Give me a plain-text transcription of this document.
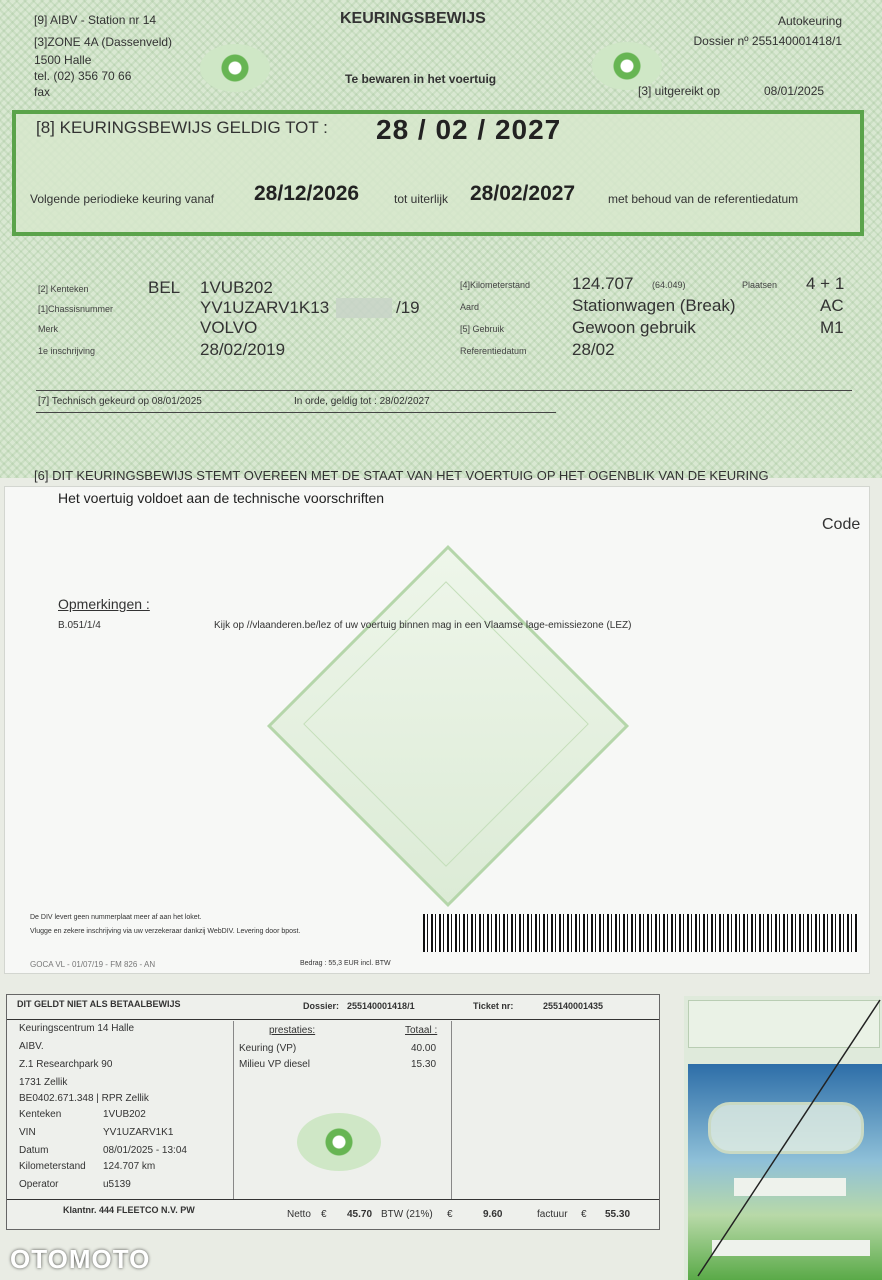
[9] AIBV - Station nr 14
[3]ZONE 4A (Dassenveld)
1500 Halle
tel. (02) 356 70 66
fax
KEURINGSBEWIJS
Te bewaren in het voertuig
Autokeuring
Dossier nº 255140001418/1
[3] uitgereikt op	08/01/2025
[8] KEURINGSBEWIJS GELDIG TOT : 28 / 02 / 2027
Volgende periodieke keuring vanaf 28/12/2026	tot uiterlijk 28/02/2027	met behoud van de referentiedatum
[2] Kenteken	BEL 1VUB202
[1]Chassisnummer	YV1UZARV1K13	/19
Merk	VOLVO
1e inschrijving	28/02/2019
[4]Kilometerstand 124.707 (64.049)	Plaatsen 4 + 1
Aard	Stationwagen (Break)	AC
[5] Gebruik	Gewoon gebruik	M1
Referentiedatum	28/02
[7] Technisch gekeurd op 08/01/2025	In orde, geldig tot : 28/02/2027
[6] DIT KEURINGSBEWIJS STEMT OVEREEN MET DE STAAT VAN HET VOERTUIG OP HET OGENBLIK VAN DE KEURING
Het voertuig voldoet aan de technische voorschriften
Code
Opmerkingen :
B.051/1/4	Kijk op //vlaanderen.be/lez of uw voertuig binnen mag in een Vlaamse lage-emissiezone (LEZ)
De DIV levert geen nummerplaat meer af aan het loket.
Vlugge en zekere inschrijving via uw verzekeraar dankzij WebDIV. Levering door bpost.
GOCA VL - 01/07/19 - FM 826 - AN	Bedrag : 55,3 EUR incl. BTW
DIT GELDT NIET ALS BETAALBEWIJS	Dossier: 255140001418/1	Ticket nr:	255140001435
Keuringscentrum 14 Halle
AIBV.
Z.1 Researchpark 90
1731 Zellik
BE0402.671.348 | RPR Zellik
Kenteken	1VUB202
VIN	YV1UZARV1K1
Datum	08/01/2025 - 13:04
Kilometerstand 124.707 km
Operator	u5139
prestaties:	Totaal :
Keuring (VP)	40.00
Milieu VP diesel	15.30
Klantnr. 444 FLEETCO N.V. PW	Netto € 45.70 BTW (21%) €	9.60	factuur € 55.30
OTOMOTO
